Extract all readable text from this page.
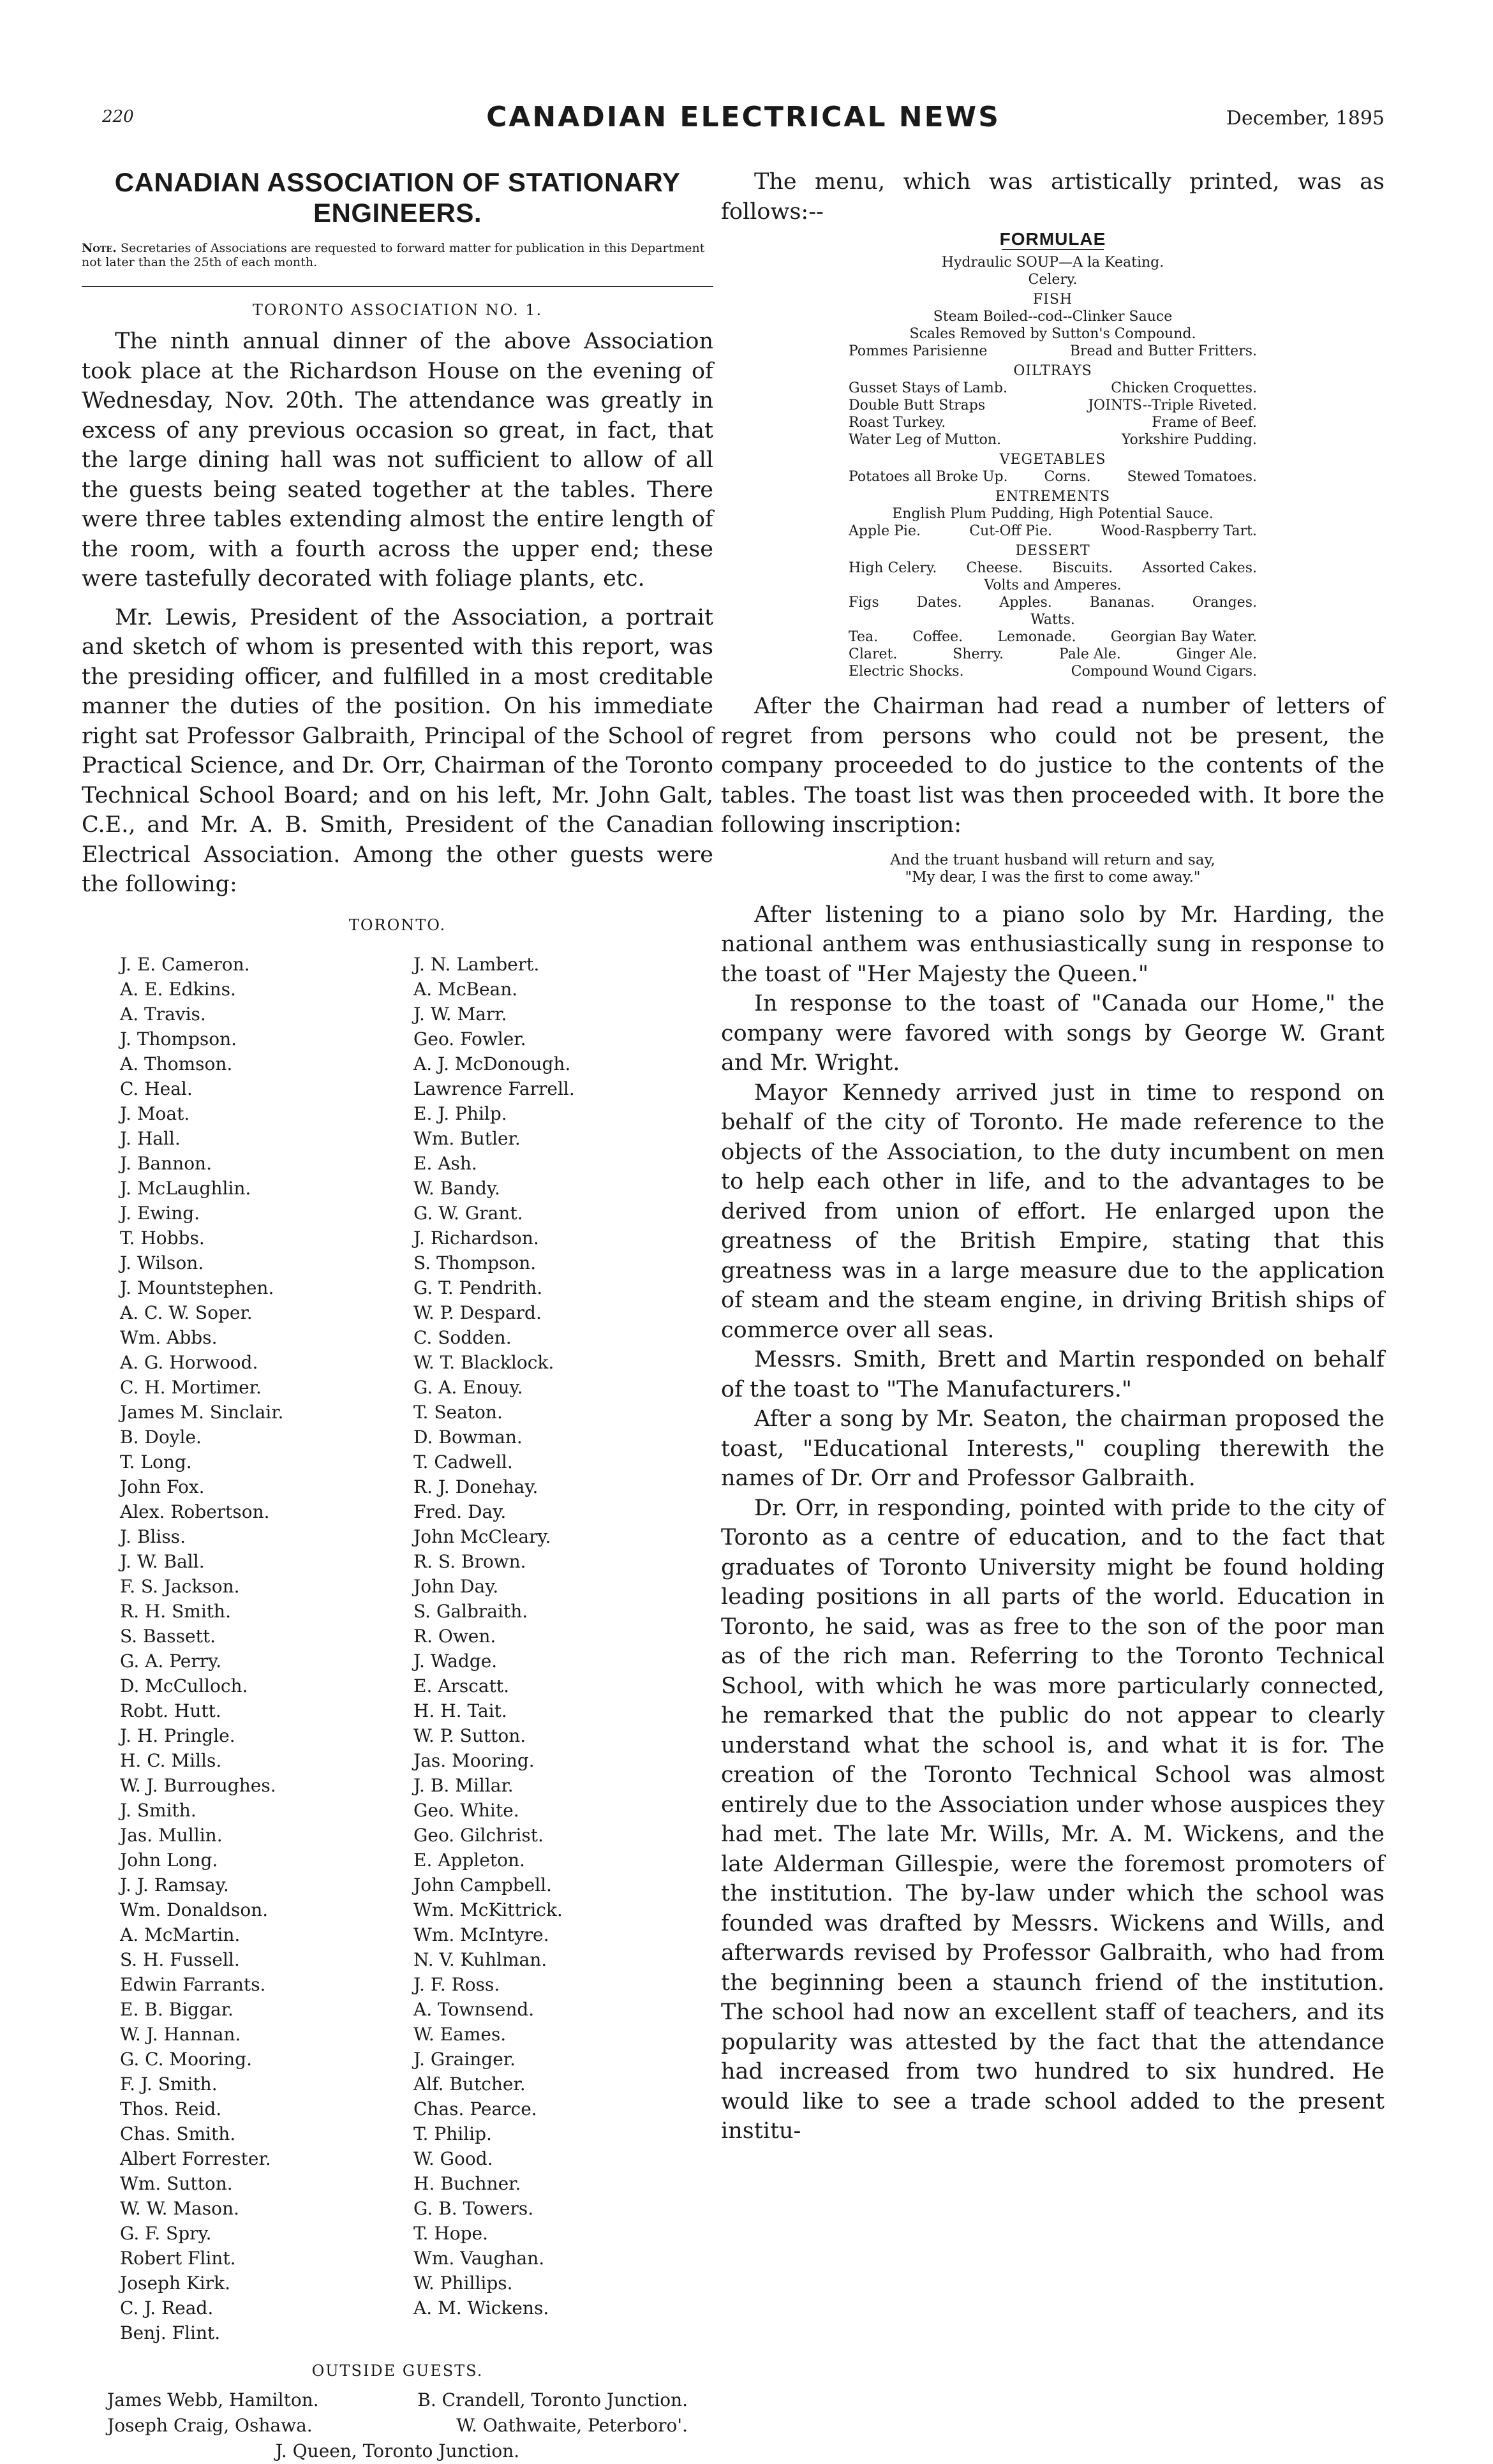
220	CANADIAN ELECTRICAL NEWS	December, 1895
CANADIAN ASSOCIATION OF STATIONARY ENGINEERS.
Note. Secretaries of Associations are requested to forward matter for publication in this Department not later than the 25th of each month.
TORONTO ASSOCIATION NO. 1.

The ninth annual dinner of the above Association took place at the Richardson House on the evening of Wednesday, Nov. 20th. The attendance was greatly in excess of any previous occasion so great, in fact, that the large dining hall was not sufficient to allow of all the guests being seated together at the tables. There were three tables extending almost the entire length of the room, with a fourth across the upper end; these were tastefully decorated with foliage plants, etc.

Mr. Lewis, President of the Association, a portrait and sketch of whom is presented with this report, was the presiding officer, and fulfilled in a most creditable manner the duties of the position. On his immediate right sat Professor Galbraith, Principal of the School of Practical Science, and Dr. Orr, Chairman of the Toronto Technical School Board; and on his left, Mr. John Galt, C.E., and Mr. A. B. Smith, President of the Canadian Electrical Association. Among the other guests were the following:

TORONTO.
J. E. Cameron.
A. E. Edkins.
A. Travis.
J. Thompson.
A. Thomson.
C. Heal.
J. Moat.
J. Hall.
J. Bannon.
J. McLaughlin.
J. Ewing.
T. Hobbs.
J. Wilson.
J. Mountstephen.
A. C. W. Soper.
Wm. Abbs.
A. G. Horwood.
C. H. Mortimer.
James M. Sinclair.
B. Doyle.
T. Long.
John Fox.
Alex. Robertson.
J. Bliss.
J. W. Ball.
F. S. Jackson.
R. H. Smith.
S. Bassett.
G. A. Perry.
D. McCulloch.
Robt. Hutt.
J. H. Pringle.
H. C. Mills.
W. J. Burroughes.
J. Smith.
Jas. Mullin.
John Long.
J. J. Ramsay.
Wm. Donaldson.
A. McMartin.
S. H. Fussell.
Edwin Farrants.
E. B. Biggar.
W. J. Hannan.
G. C. Mooring.
F. J. Smith.
Thos. Reid.
Chas. Smith.
Albert Forrester.
Wm. Sutton.
W. W. Mason.
G. F. Spry.
Robert Flint.
Joseph Kirk.
C. J. Read.
Benj. Flint.
J. N. Lambert.
A. McBean.
J. W. Marr.
Geo. Fowler.
A. J. McDonough.
Lawrence Farrell.
E. J. Philp.
Wm. Butler.
E. Ash.
W. Bandy.
G. W. Grant.
J. Richardson.
S. Thompson.
G. T. Pendrith.
W. P. Despard.
C. Sodden.
W. T. Blacklock.
G. A. Enouy.
T. Seaton.
D. Bowman.
T. Cadwell.
R. J. Donehay.
Fred. Day.
John McCleary.
R. S. Brown.
John Day.
S. Galbraith.
R. Owen.
J. Wadge.
E. Arscatt.
H. H. Tait.
W. P. Sutton.
Jas. Mooring.
J. B. Millar.
Geo. White.
Geo. Gilchrist.
E. Appleton.
John Campbell.
Wm. McKittrick.
Wm. McIntyre.
N. V. Kuhlman.
J. F. Ross.
A. Townsend.
W. Eames.
J. Grainger.
Alf. Butcher.
Chas. Pearce.
T. Philip.
W. Good.
H. Buchner.
G. B. Towers.
T. Hope.
Wm. Vaughan.
W. Phillips.
A. M. Wickens.
OUTSIDE GUESTS.
James Webb, Hamilton.	B. Crandell, Toronto Junction.
Joseph Craig, Oshawa.	W. Oathwaite, Peterboro'.
J. Queen, Toronto Junction.

The menu, which was artistically printed, was as follows:--

FORMULAE
Hydraulic SOUP—A la Keating.
Celery.
FISH
Steam Boiled--cod--Clinker Sauce
Scales Removed by Sutton's Compound.
Pommes Parisienne	Bread and Butter Fritters.
OILTRAYS
Gusset Stays of Lamb.	Chicken Croquettes.
Double Butt Straps	JOINTS--Triple Riveted.
Roast Turkey.	Frame of Beef.
Water Leg of Mutton.	Yorkshire Pudding.
VEGETABLES
Potatoes all Broke Up.	Corns.	Stewed Tomatoes.
ENTREMENTS
English Plum Pudding, High Potential Sauce.
Apple Pie.	Cut-Off Pie.	Wood-Raspberry Tart.
DESSERT
High Celery. Cheese. Biscuits. Assorted Cakes.
Volts and Amperes.
Figs	Dates.	Apples.	Bananas.	Oranges.
Watts.
Tea. Coffee. Lemonade. Georgian Bay Water.
Claret.	Sherry.	Pale Ale.	Ginger Ale.
Electric Shocks.	Compound Wound Cigars.

After the Chairman had read a number of letters of regret from persons who could not be present, the company proceeded to do justice to the contents of the tables. The toast list was then proceeded with. It bore the following inscription:

And the truant husband will return and say,
"My dear, I was the first to come away."

After listening to a piano solo by Mr. Harding, the national anthem was enthusiastically sung in response to the toast of "Her Majesty the Queen."

In response to the toast of "Canada our Home," the company were favored with songs by George W. Grant and Mr. Wright.

Mayor Kennedy arrived just in time to respond on behalf of the city of Toronto. He made reference to the objects of the Association, to the duty incumbent on men to help each other in life, and to the advantages to be derived from union of effort. He enlarged upon the greatness of the British Empire, stating that this greatness was in a large measure due to the application of steam and the steam engine, in driving British ships of commerce over all seas.

Messrs. Smith, Brett and Martin responded on behalf of the toast to "The Manufacturers."

After a song by Mr. Seaton, the chairman proposed the toast, "Educational Interests," coupling therewith the names of Dr. Orr and Professor Galbraith.

Dr. Orr, in responding, pointed with pride to the city of Toronto as a centre of education, and to the fact that graduates of Toronto University might be found holding leading positions in all parts of the world. Education in Toronto, he said, was as free to the son of the poor man as of the rich man. Referring to the Toronto Technical School, with which he was more particularly connected, he remarked that the public do not appear to clearly understand what the school is, and what it is for. The creation of the Toronto Technical School was almost entirely due to the Association under whose auspices they had met. The late Mr. Wills, Mr. A. M. Wickens, and the late Alderman Gillespie, were the foremost promoters of the institution. The by-law under which the school was founded was drafted by Messrs. Wickens and Wills, and afterwards revised by Professor Galbraith, who had from the beginning been a staunch friend of the institution. The school had now an excellent staff of teachers, and its popularity was attested by the fact that the attendance had increased from two hundred to six hundred. He would like to see a trade school added to the present institu-
